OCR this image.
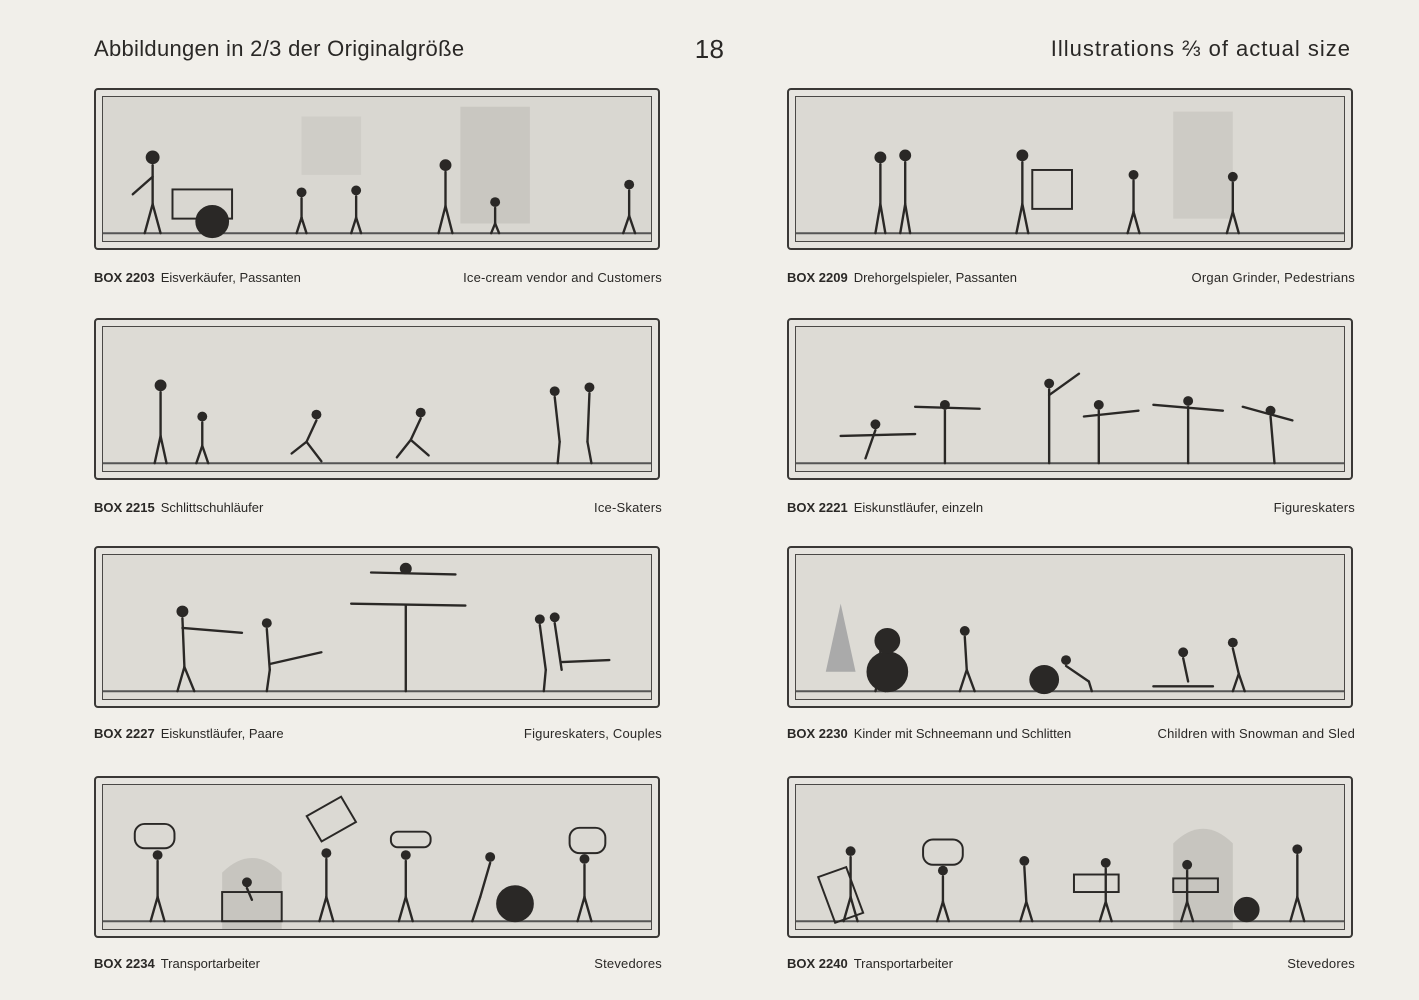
Abbildungen in 2/3 der Originalgröße	18	Illustrations ⅔ of actual size
BOX 2203 Eisverkäufer, Passanten	Ice-cream vendor and Customers	BOX 2209 Drehorgelspieler, Passanten	Organ Grinder, Pedestrians
BOX 2215 Schlittschuhläufer	Ice-Skaters	BOX 2221 Eiskunstläufer, einzeln	Figureskaters
BOX 2227 Eiskunstläufer, Paare	Figureskaters, Couples	BOX 2230 Kinder mit Schneemann und Schlitten	Children with Snowman and Sled
BOX 2234 Transportarbeiter	Stevedores	BOX 2240 Transportarbeiter	Stevedores
